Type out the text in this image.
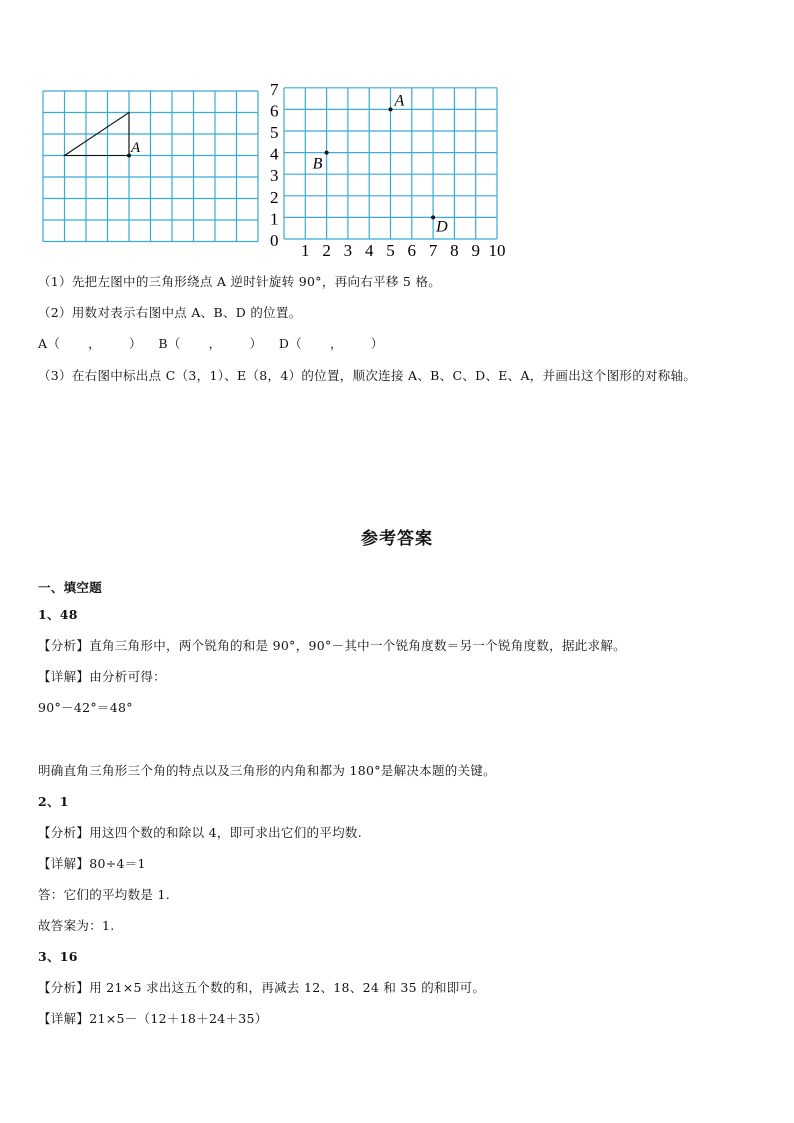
A
0
1
2
3
4
5
6
7
1 2 3 4 5 6 7 8 9 10
A
B
D
（1）先把左图中的三角形绕点 A 逆时针旋转 90°，再向右平移 5 格。
（2）用数对表示右图中点 A、B、D 的位置。
A（ ， ） B（ ， ） D（ ， ）
（3）在右图中标出点 C（3，1）、E（8，4）的位置，顺次连接 A、B、C、D、E、A，并画出这个图形的对称轴。
参考答案
一、填空题
1、48
【分析】直角三角形中，两个锐角的和是 90°，90°－其中一个锐角度数＝另一个锐角度数，据此求解。
【详解】由分析可得：
90°－42°＝48°
明确直角三角形三个角的特点以及三角形的内角和都为 180°是解决本题的关键。
2、1
【分析】用这四个数的和除以 4，即可求出它们的平均数.
【详解】80÷4＝1
答：它们的平均数是 1.
故答案为：1.
3、16
【分析】用 21×5 求出这五个数的和，再减去 12、18、24 和 35 的和即可。
【详解】21×5－（12＋18＋24＋35）
